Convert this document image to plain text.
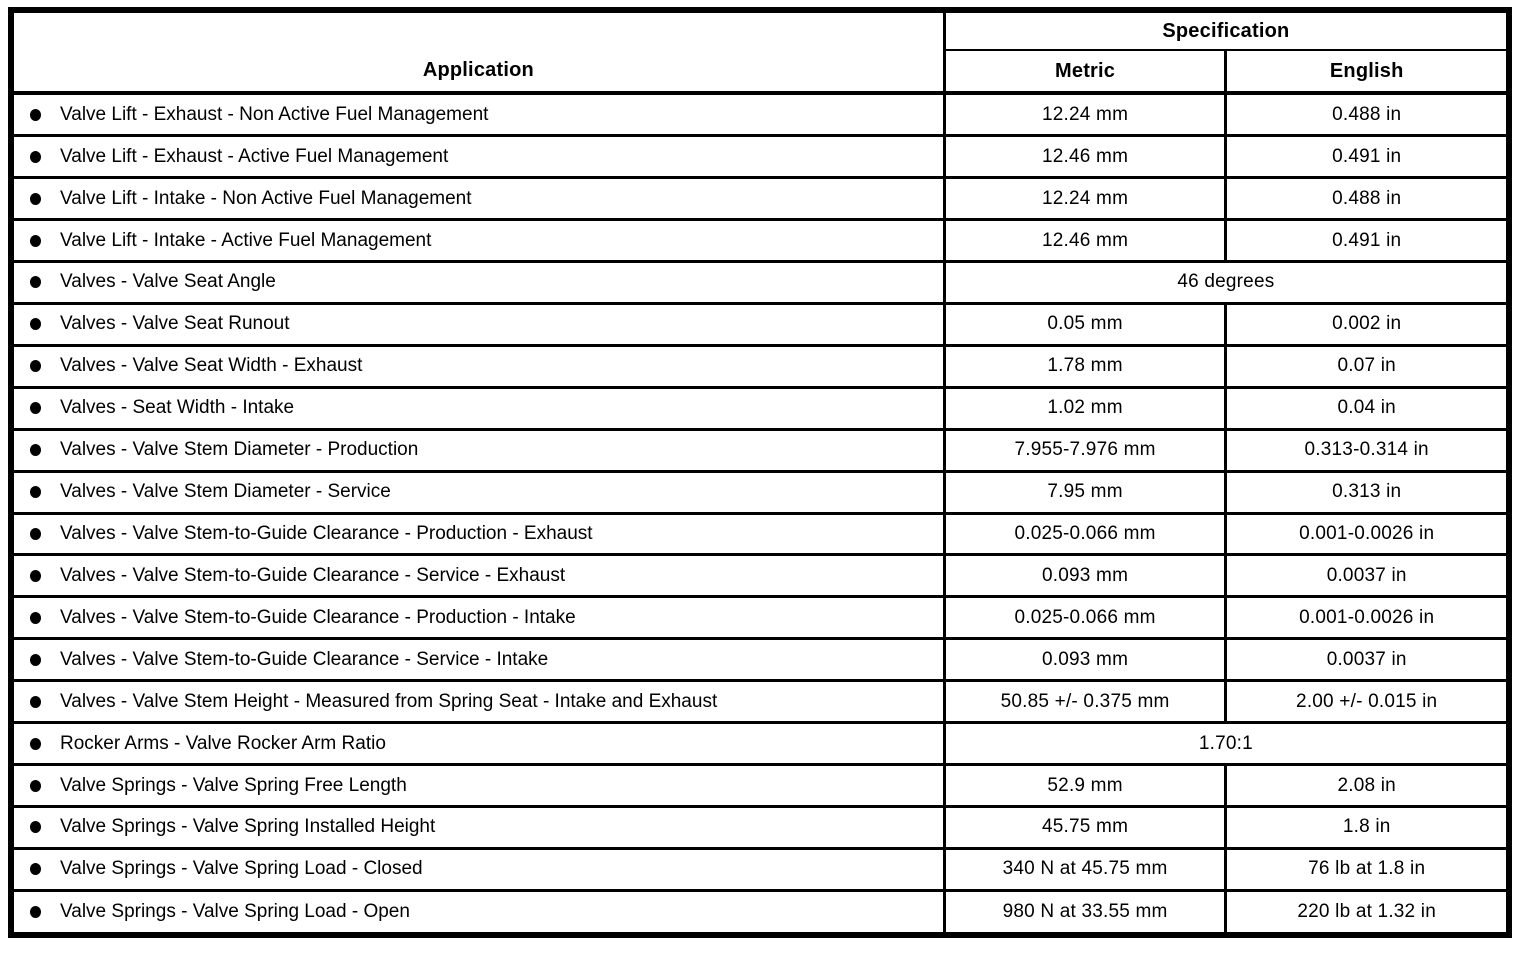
Application	Specification	
	Metric	English

Valve Lift - Exhaust - Non Active Fuel Management	12.24 mm	0.488 in

Valve Lift - Exhaust - Active Fuel Management	12.46 mm	0.491 in

Valve Lift - Intake - Non Active Fuel Management	12.24 mm	0.488 in

Valve Lift - Intake - Active Fuel Management	12.46 mm	0.491 in

Valves - Valve Seat Angle	46 degrees	

Valves - Valve Seat Runout	0.05 mm	0.002 in

Valves - Valve Seat Width - Exhaust	1.78 mm	0.07 in

Valves - Seat Width - Intake	1.02 mm	0.04 in

Valves - Valve Stem Diameter - Production	7.955-7.976 mm	0.313-0.314 in

Valves - Valve Stem Diameter - Service	7.95 mm	0.313 in

Valves - Valve Stem-to-Guide Clearance - Production - Exhaust	0.025-0.066 mm	0.001-0.0026 in

Valves - Valve Stem-to-Guide Clearance - Service - Exhaust	0.093 mm	0.0037 in

Valves - Valve Stem-to-Guide Clearance - Production - Intake	0.025-0.066 mm	0.001-0.0026 in

Valves - Valve Stem-to-Guide Clearance - Service - Intake	0.093 mm	0.0037 in

Valves - Valve Stem Height - Measured from Spring Seat - Intake and Exhaust	50.85 +/- 0.375 mm	2.00 +/- 0.015 in

Rocker Arms - Valve Rocker Arm Ratio	1.70:1	

Valve Springs - Valve Spring Free Length	52.9 mm	2.08 in

Valve Springs - Valve Spring Installed Height	45.75 mm	1.8 in

Valve Springs - Valve Spring Load - Closed	340 N at 45.75 mm	76 lb at 1.8 in

Valve Springs - Valve Spring Load - Open	980 N at 33.55 mm	220 lb at 1.32 in
